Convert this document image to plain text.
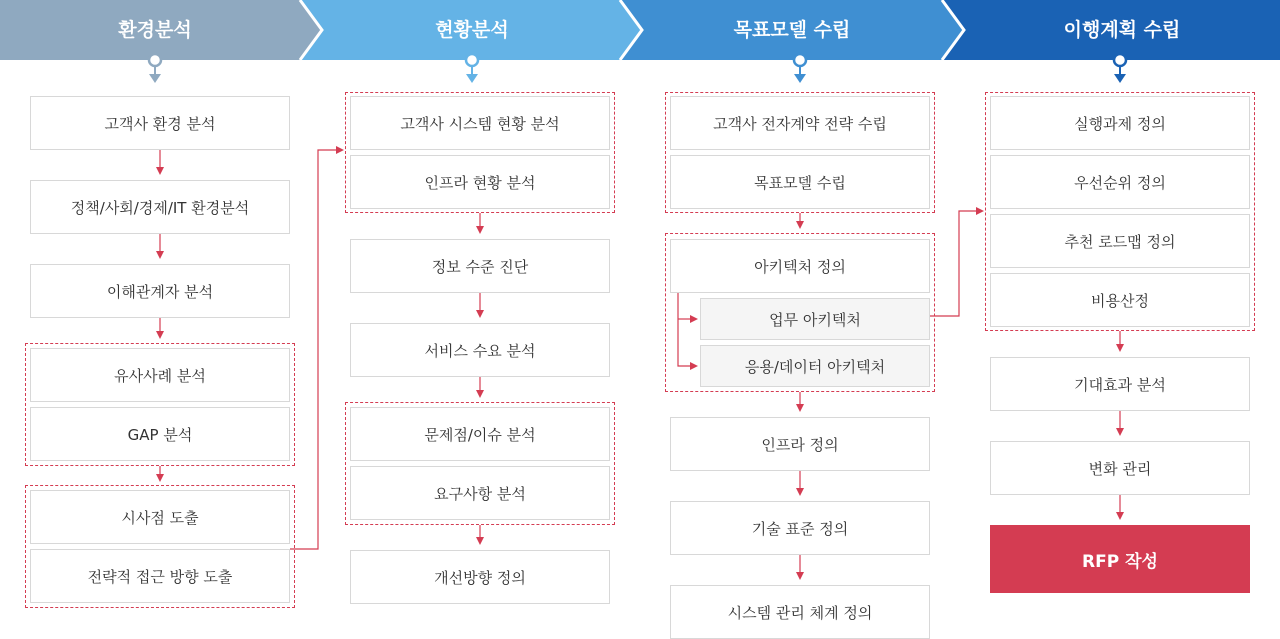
환경분석	현황분석	목표모델 수립	이행계획 수립
고객사 환경 분석
정책/사회/경제/IT 환경분석
이해관계자 분석
유사사례 분석
GAP 분석
시사점 도출
전략적 접근 방향 도출
고객사 시스템 현황 분석
인프라 현황 분석
정보 수준 진단
서비스 수요 분석
문제점/이슈 분석
요구사항 분석
개선방향 정의
고객사 전자계약 전략 수립
목표모델 수립
아키텍처 정의
업무 아키텍처
응용/데이터 아키텍처
인프라 정의
기술 표준 정의
시스템 관리 체계 정의
실행과제 정의
우선순위 정의
추천 로드맵 정의
비용산정
기대효과 분석
변화 관리
RFP 작성
